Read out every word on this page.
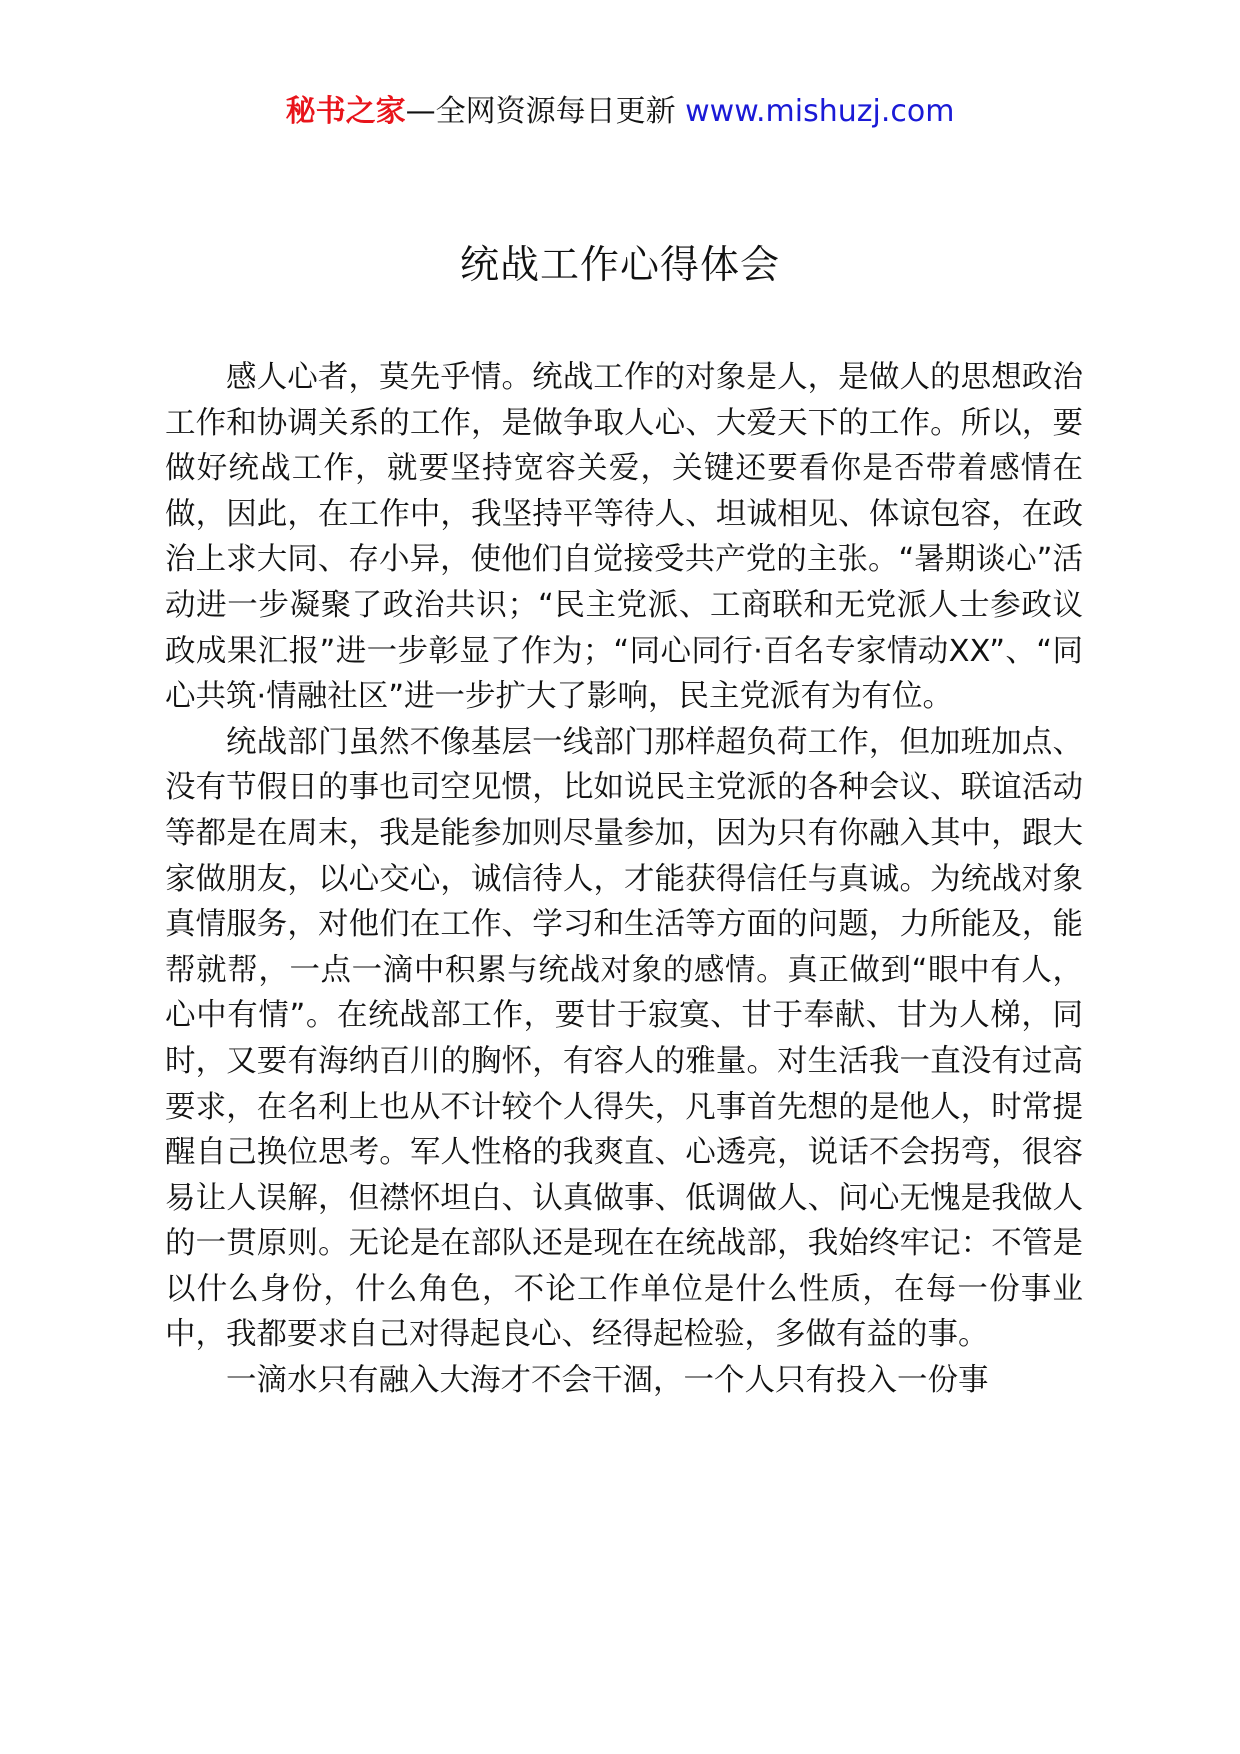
秘书之家—全网资源每日更新 www.mishuzj.com
统战工作心得体会

感人心者，莫先乎情。统战工作的对象是人，是做人的思想政治工作和协调关系的工作，是做争取人心、大爱天下的工作。所以，要做好统战工作，就要坚持宽容关爱，关键还要看你是否带着感情在做，因此，在工作中，我坚持平等待人、坦诚相见、体谅包容，在政治上求大同、存小异，使他们自觉接受共产党的主张。“暑期谈心”活动进一步凝聚了政治共识；“民主党派、工商联和无党派人士参政议政成果汇报”进一步彰显了作为；“同心同行·百名专家情动XX”、“同心共筑·情融社区”进一步扩大了影响，民主党派有为有位。

统战部门虽然不像基层一线部门那样超负荷工作，但加班加点、没有节假日的事也司空见惯，比如说民主党派的各种会议、联谊活动等都是在周末，我是能参加则尽量参加，因为只有你融入其中，跟大家做朋友，以心交心，诚信待人，才能获得信任与真诚。为统战对象真情服务，对他们在工作、学习和生活等方面的问题，力所能及，能帮就帮，一点一滴中积累与统战对象的感情。真正做到“眼中有人，心中有情”。在统战部工作，要甘于寂寞、甘于奉献、甘为人梯，同时，又要有海纳百川的胸怀，有容人的雅量。对生活我一直没有过高要求，在名利上也从不计较个人得失，凡事首先想的是他人，时常提醒自己换位思考。军人性格的我爽直、心透亮，说话不会拐弯，很容易让人误解，但襟怀坦白、认真做事、低调做人、问心无愧是我做人的一贯原则。无论是在部队还是现在在统战部，我始终牢记：不管是以什么身份，什么角色，不论工作单位是什么性质，在每一份事业中，我都要求自己对得起良心、经得起检验，多做有益的事。

一滴水只有融入大海才不会干涸，一个人只有投入一份事
